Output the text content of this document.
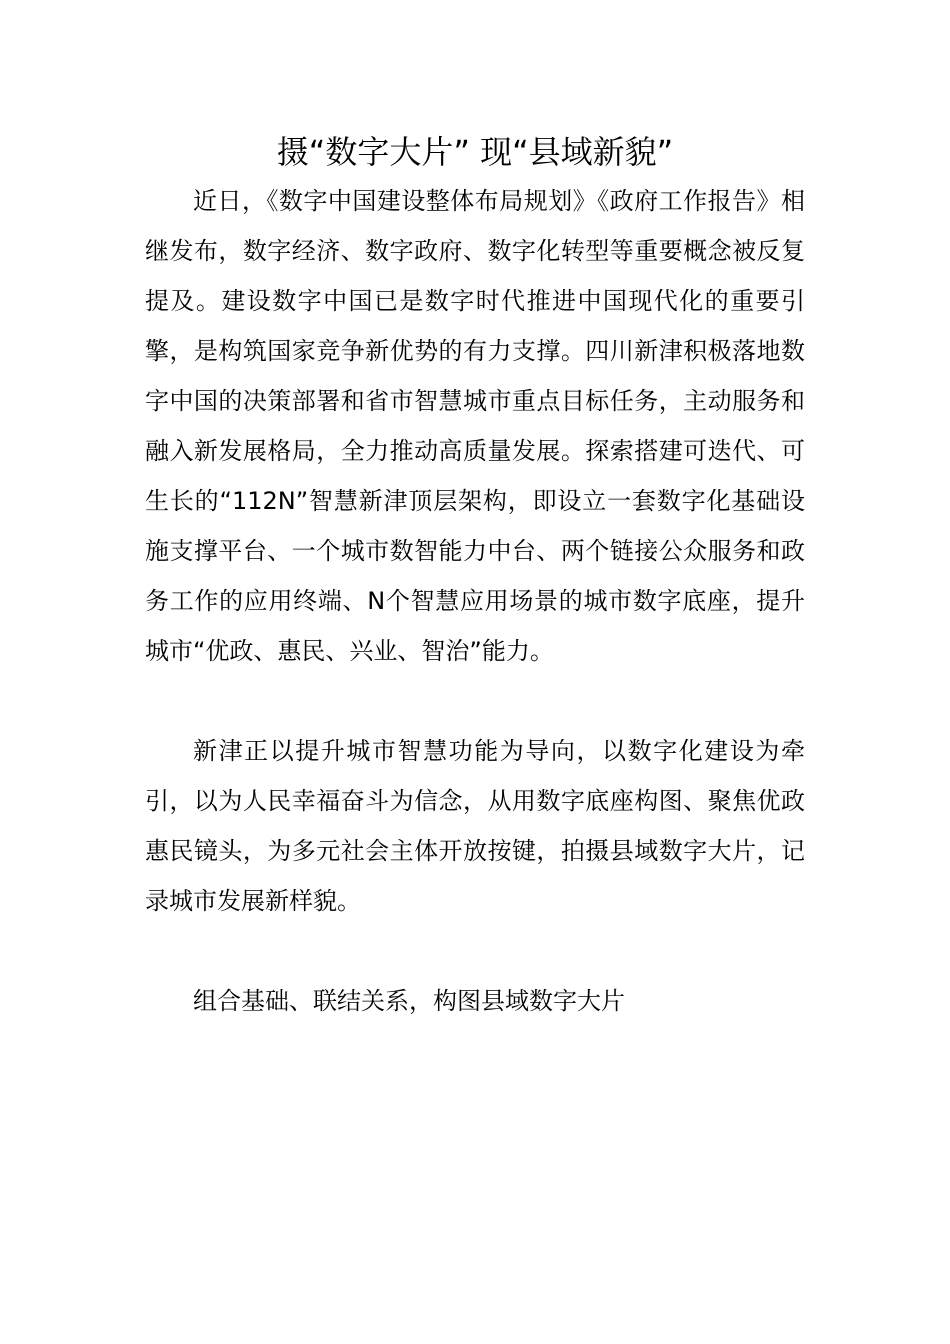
摄“数字大片” 现“县域新貌”

近日，《数字中国建设整体布局规划》《政府工作报告》相继发布，数字经济、数字政府、数字化转型等重要概念被反复提及。建设数字中国已是数字时代推进中国现代化的重要引擎，是构筑国家竞争新优势的有力支撑。四川新津积极落地数字中国的决策部署和省市智慧城市重点目标任务，主动服务和融入新发展格局，全力推动高质量发展。探索搭建可迭代、可生长的“112N”智慧新津顶层架构，即设立一套数字化基础设施支撑平台、一个城市数智能力中台、两个链接公众服务和政务工作的应用终端、N个智慧应用场景的城市数字底座，提升城市“优政、惠民、兴业、智治”能力。

新津正以提升城市智慧功能为导向，以数字化建设为牵引，以为人民幸福奋斗为信念，从用数字底座构图、聚焦优政惠民镜头，为多元社会主体开放按键，拍摄县域数字大片，记录城市发展新样貌。

组合基础、联结关系，构图县域数字大片
